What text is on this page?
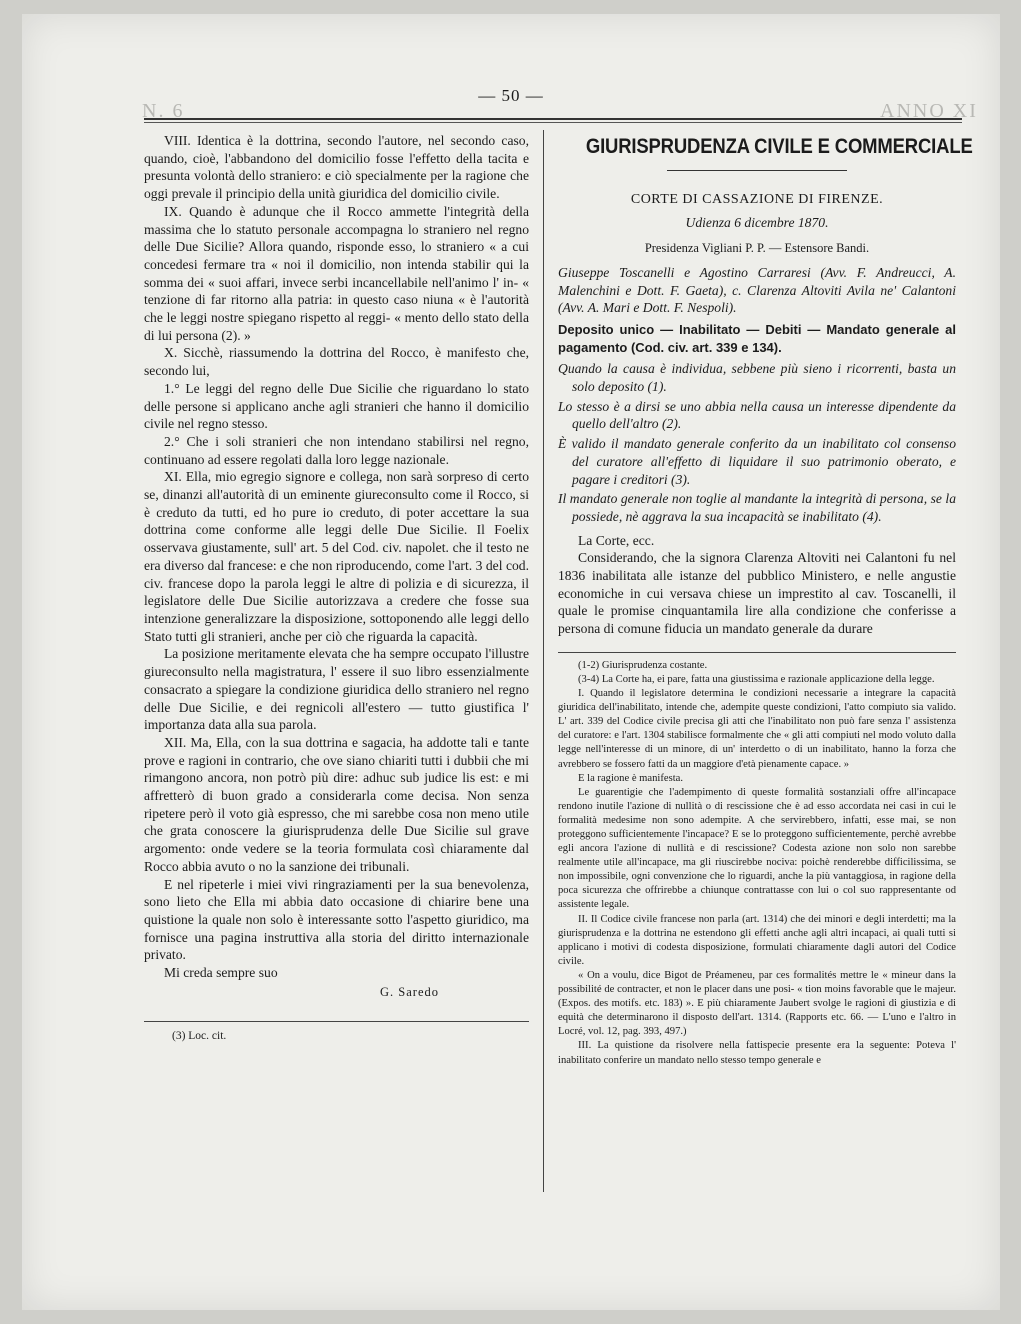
N. 6	ANNO XI
— 50 —

VIII. Identica è la dottrina, secondo l'autore, nel secondo caso, quando, cioè, l'abbandono del domicilio fosse l'effetto della tacita e presunta volontà dello straniero: e ciò specialmente per la ragione che oggi prevale il principio della unità giuridica del domicilio civile.

IX. Quando è adunque che il Rocco ammette l'integrità della massima che lo statuto personale accompagna lo straniero nel regno delle Due Sicilie? Allora quando, risponde esso, lo straniero « a cui concedesi fermare tra « noi il domicilio, non intenda stabilir qui la somma dei « suoi affari, invece serbi incancellabile nell'animo l' in- « tenzione di far ritorno alla patria: in questo caso niuna « è l'autorità che le leggi nostre spiegano rispetto al reggi- « mento dello stato della di lui persona (2). »

X. Sicchè, riassumendo la dottrina del Rocco, è manifesto che, secondo lui,

1.° Le leggi del regno delle Due Sicilie che riguardano lo stato delle persone si applicano anche agli stranieri che hanno il domicilio civile nel regno stesso.

2.° Che i soli stranieri che non intendano stabilirsi nel regno, continuano ad essere regolati dalla loro legge nazionale.

XI. Ella, mio egregio signore e collega, non sarà sorpreso di certo se, dinanzi all'autorità di un eminente giureconsulto come il Rocco, si è creduto da tutti, ed ho pure io creduto, di poter accettare la sua dottrina come conforme alle leggi delle Due Sicilie. Il Foelix osservava giustamente, sull' art. 5 del Cod. civ. napolet. che il testo ne era diverso dal francese: e che non riproducendo, come l'art. 3 del cod. civ. francese dopo la parola leggi le altre di polizia e di sicurezza, il legislatore delle Due Sicilie autorizzava a credere che fosse sua intenzione generalizzare la disposizione, sottoponendo alle leggi dello Stato tutti gli stranieri, anche per ciò che riguarda la capacità.

La posizione meritamente elevata che ha sempre occupato l'illustre giureconsulto nella magistratura, l' essere il suo libro essenzialmente consacrato a spiegare la condizione giuridica dello straniero nel regno delle Due Sicilie, e dei regnicoli all'estero — tutto giustifica l' importanza data alla sua parola.

XII. Ma, Ella, con la sua dottrina e sagacia, ha addotte tali e tante prove e ragioni in contrario, che ove siano chiariti tutti i dubbii che mi rimangono ancora, non potrò più dire: adhuc sub judice lis est: e mi affretterò di buon grado a considerarla come decisa. Non senza ripetere però il voto già espresso, che mi sarebbe cosa non meno utile che grata conoscere la giurisprudenza delle Due Sicilie sul grave argomento: onde vedere se la teoria formulata così chiaramente dal Rocco abbia avuto o no la sanzione dei tribunali.

E nel ripeterle i miei vivi ringraziamenti per la sua benevolenza, sono lieto che Ella mi abbia dato occasione di chiarire bene una quistione la quale non solo è interessante sotto l'aspetto giuridico, ma fornisce una pagina instruttiva alla storia del diritto internazionale privato.

Mi creda sempre suo

G. Saredo
(3) Loc. cit.
GIURISPRUDENZA CIVILE E COMMERCIALE
CORTE DI CASSAZIONE DI FIRENZE.
Udienza 6 dicembre 1870.
Presidenza Vigliani P. P. — Estensore Bandi.

Giuseppe Toscanelli e Agostino Carraresi (Avv. F. Andreucci, A. Malenchini e Dott. F. Gaeta), c. Clarenza Altoviti Avila ne' Calantoni (Avv. A. Mari e Dott. F. Nespoli).

Deposito unico — Inabilitato — Debiti — Mandato generale al pagamento (Cod. civ. art. 339 e 134).

Quando la causa è individua, sebbene più sieno i ricorrenti, basta un solo deposito (1).

Lo stesso è a dirsi se uno abbia nella causa un interesse dipendente da quello dell'altro (2).

È valido il mandato generale conferito da un inabilitato col consenso del curatore all'effetto di liquidare il suo patrimonio oberato, e pagare i creditori (3).

Il mandato generale non toglie al mandante la integrità di persona, se la possiede, nè aggrava la sua incapacità se inabilitato (4).

La Corte, ecc.

Considerando, che la signora Clarenza Altoviti nei Calantoni fu nel 1836 inabilitata alle istanze del pubblico Ministero, e nelle angustie economiche in cui versava chiese un imprestito al cav. Toscanelli, il quale le promise cinquantamila lire alla condizione che conferisse a persona di comune fiducia un mandato generale da durare

(1-2) Giurisprudenza costante.

(3-4) La Corte ha, ei pare, fatta una giustissima e razionale applicazione della legge.

I. Quando il legislatore determina le condizioni necessarie a integrare la capacità giuridica dell'inabilitato, intende che, adempite queste condizioni, l'atto compiuto sia valido. L' art. 339 del Codice civile precisa gli atti che l'inabilitato non può fare senza l' assistenza del curatore: e l'art. 1304 stabilisce formalmente che « gli atti compiuti nel modo voluto dalla legge nell'interesse di un minore, di un' interdetto o di un inabilitato, hanno la forza che avrebbero se fossero fatti da un maggiore d'età pienamente capace. »

E la ragione è manifesta.

Le guarentigie che l'adempimento di queste formalità sostanziali offre all'incapace rendono inutile l'azione di nullità o di rescissione che è ad esso accordata nei casi in cui le formalità medesime non sono adempite. A che servirebbero, infatti, esse mai, se non proteggono sufficientemente l'incapace? E se lo proteggono sufficientemente, perchè avrebbe egli ancora l'azione di nullità e di rescissione? Codesta azione non solo non sarebbe realmente utile all'incapace, ma gli riuscirebbe nociva: poichè renderebbe difficilissima, se non impossibile, ogni convenzione che lo riguardi, anche la più vantaggiosa, in ragione della poca sicurezza che offrirebbe a chiunque contrattasse con lui o col suo rappresentante od assistente legale.

II. Il Codice civile francese non parla (art. 1314) che dei minori e degli interdetti; ma la giurisprudenza e la dottrina ne estendono gli effetti anche agli altri incapaci, ai quali tutti si applicano i motivi di codesta disposizione, formulati chiaramente dagli autori del Codice civile.

« On a voulu, dice Bigot de Préameneu, par ces formalités mettre le « mineur dans la possibilité de contracter, et non le placer dans une posi- « tion moins favorable que le majeur. (Expos. des motifs. etc. 183) ». E più chiaramente Jaubert svolge le ragioni di giustizia e di equità che determinarono il disposto dell'art. 1314. (Rapports etc. 66. — L'uno e l'altro in Locré, vol. 12, pag. 393, 497.)

III. La quistione da risolvere nella fattispecie presente era la seguente: Poteva l' inabilitato conferire un mandato nello stesso tempo generale e
